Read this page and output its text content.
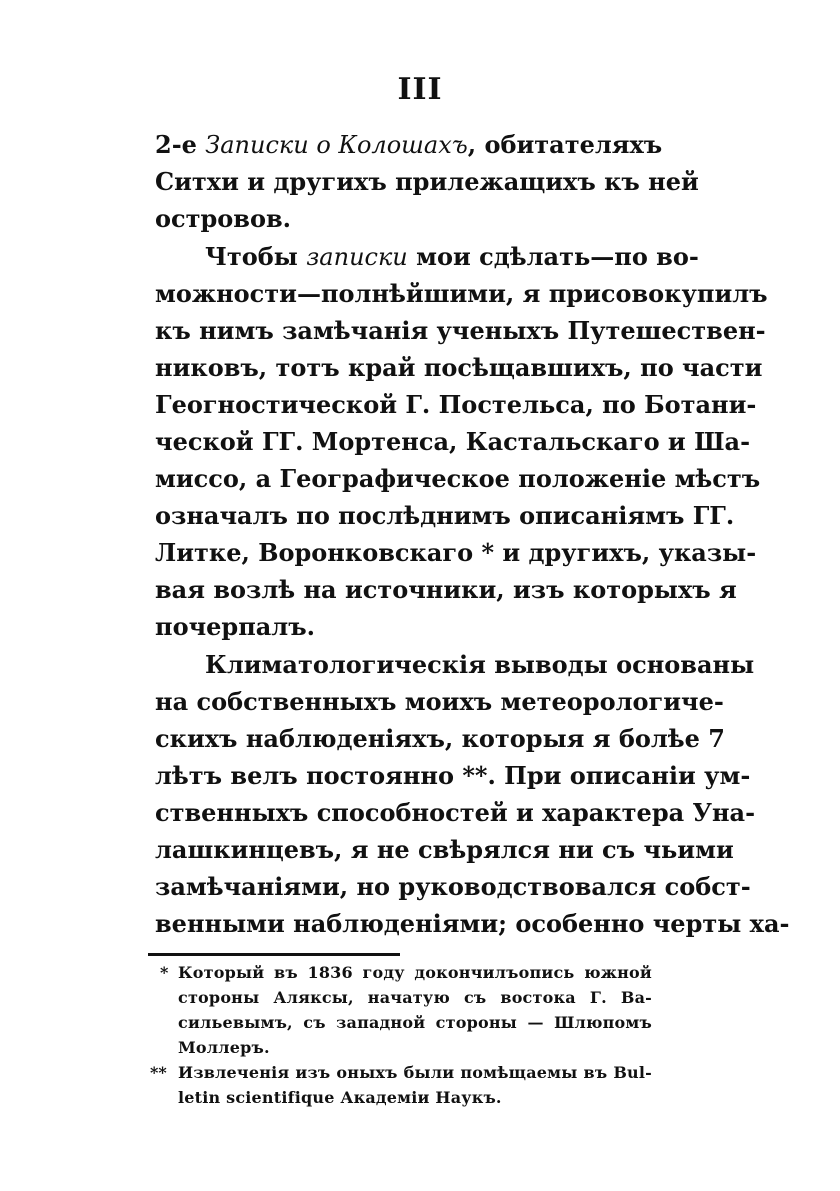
III
2-е Записки о Колошахъ, обитателяхъ
Ситхи и другихъ прилежащихъ къ ней
островов.
Чтобы записки мои сдѣлать—по во-
можности—полнѣйшими, я присовокупилъ
къ нимъ замѣчанія ученыхъ Путешествен-
никовъ, тотъ край посѣщавшихъ, по части
Геогностической Г. Постельса, по Ботани-
ческой ГГ. Мортенса, Кастальскаго и Ша-
миссо, а Географическое положеніе мѣстъ
означалъ по послѣднимъ описаніямъ ГГ.
Литке, Воронковскаго * и другихъ, указы-
вая возлѣ на источники, изъ которыхъ я
почерпалъ.
Климатологическія выводы основаны
на собственныхъ моихъ метеорологиче-
скихъ наблюденіяхъ, которыя я болѣе 7
лѣтъ велъ постоянно **. При описаніи ум-
ственныхъ способностей и характера Уна-
лашкинцевъ, я не свѣрялся ни съ чьими
замѣчаніями, но руководствовался собст-
венными наблюденіями; особенно черты ха-
* Который въ 1836 году докончилъопись южной
стороны Аляксы, начатую съ востока Г. Ва-
сильевымъ, съ западной стороны — Шлюпомъ
Моллеръ.
** Извлеченія изъ оныхъ были помѣщаемы въ Bul-
letin scientifique Академіи Наукъ.
